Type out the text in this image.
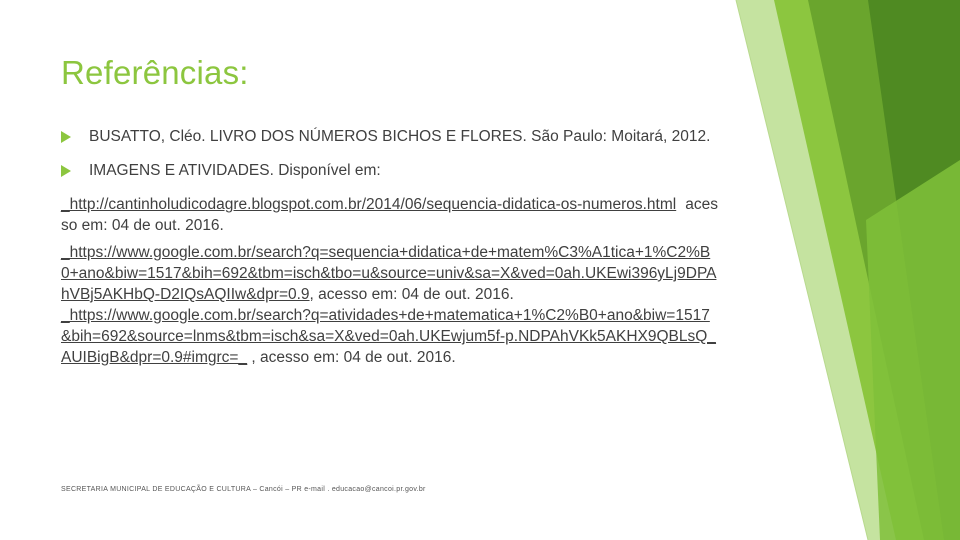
Referências:
BUSATTO, Cléo. LIVRO DOS NÚMEROS BICHOS E FLORES. São Paulo: Moitará, 2012.
IMAGENS E ATIVIDADES. Disponível em:
_http://cantinholudicodagre.blogspot.com.br/2014/06/sequencia-didatica-os-numeros.html acesso em: 04 de out. 2016.
_https://www.google.com.br/search?q=sequencia+didatica+de+matem%C3%A1tica+1%C2%B0+ano&biw=1517&bih=692&tbm=isch&tbo=u&source=univ&sa=X&ved=0ah.UKEwi396yLj9DPAhVBj5AKHbQ-D2IQsAQIIw&dpr=0.9, acesso em: 04 de out. 2016.
_https://www.google.com.br/search?q=atividades+de+matematica+1%C2%B0+ano&biw=1517&bih=692&source=lnms&tbm=isch&sa=X&ved=0ah.UKEwjum5f-p.NDPAhVKk5AKHX9QBLsQ_AUIBigB&dpr=0.9#imgrc=_ , acesso em: 04 de out. 2016.
SECRETARIA MUNICIPAL DE EDUCAÇÃO E CULTURA – Cancói – PR e-mail . educacao@cancoi.pr.gov.br
